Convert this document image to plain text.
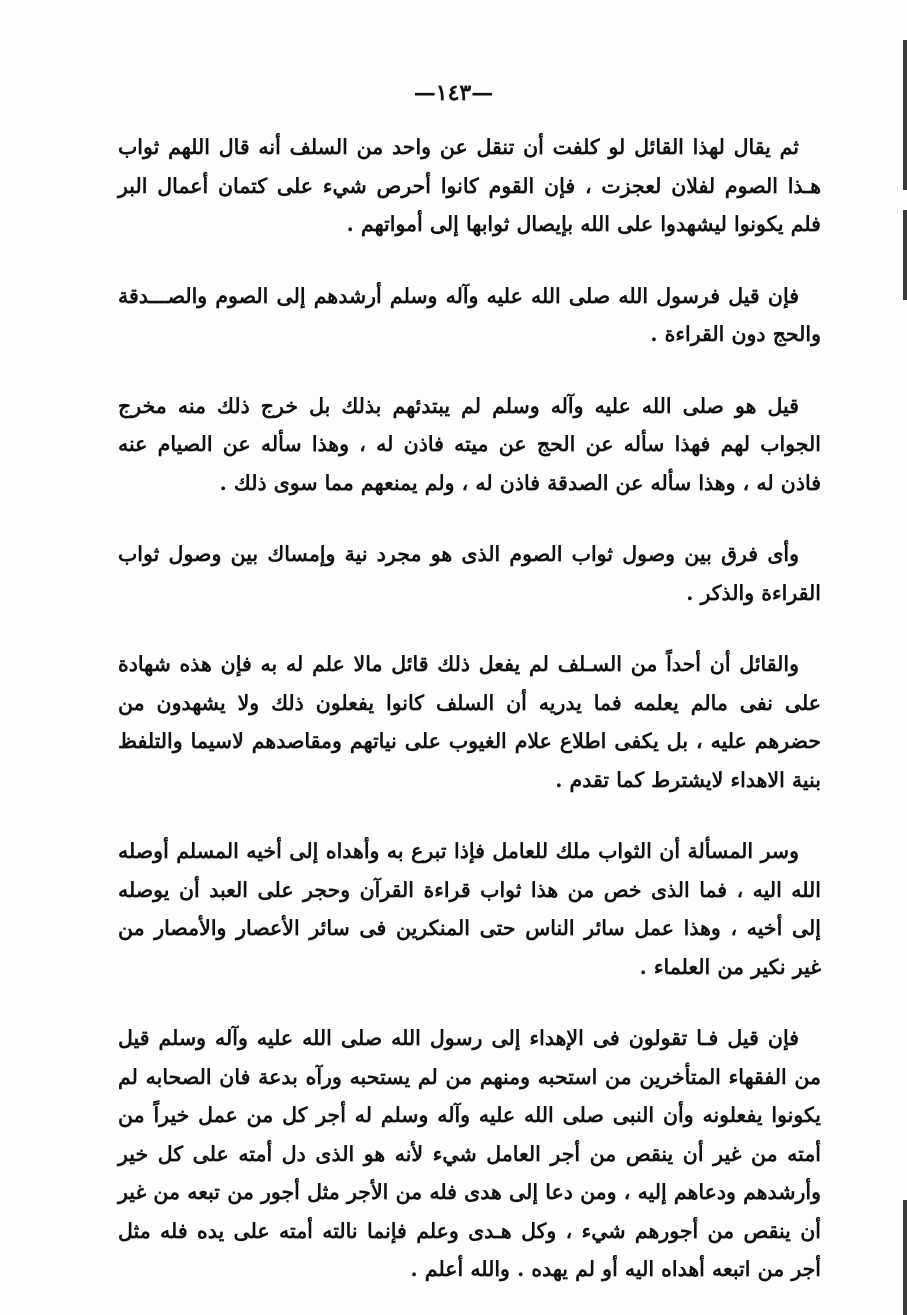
—١٤٣—

ثم يقال لهذا القائل لو كلفت أن تنقل عن واحد من السلف أنه قال اللهم ثواب هـذا الصوم لفلان لعجزت ، فإن القوم كانوا أحرص شيء على كتمان أعمال البر فلم يكونوا ليشهدوا على الله بإيصال ثوابها إلى أمواتهم .

فإن قيل فرسول الله صلى الله عليه وآله وسلم أرشدهم إلى الصوم والصـــدقة والحج دون القراءة .

قيل هو صلى الله عليه وآله وسلم لم يبتدئهم بذلك بل خرج ذلك منه مخرج الجواب لهم فهذا سأله عن الحج عن ميته فاذن له ، وهذا سأله عن الصيام عنه فاذن له ، وهذا سأله عن الصدقة فاذن له ، ولم يمنعهم مما سوى ذلك .

وأى فرق بين وصول ثواب الصوم الذى هو مجرد نية وإمساك بين وصول ثواب القراءة والذكر .

والقائل أن أحداً من السـلف لم يفعل ذلك قائل مالا علم له به فإن هذه شهادة على نفى مالم يعلمه فما يدريه أن السلف كانوا يفعلون ذلك ولا يشهدون من حضرهم عليه ، بل يكفى اطلاع علام الغيوب على نياتهم ومقاصدهم لاسيما والتلفظ بنية الاهداء لايشترط كما تقدم .

وسر المسألة أن الثواب ملك للعامل فإذا تبرع به وأهداه إلى أخيه المسلم أوصله الله اليه ، فما الذى خص من هذا ثواب قراءة القرآن وحجر على العبد أن يوصله إلى أخيه ، وهذا عمل سائر الناس حتى المنكرين فى سائر الأعصار والأمصار من غير نكير من العلماء .

فإن قيل فـا تقولون فى الإهداء إلى رسول الله صلى الله عليه وآله وسلم قيل من الفقهاء المتأخرين من استحبه ومنهم من لم يستحبه ورآه بدعة فان الصحابه لم يكونوا يفعلونه وأن النبى صلى الله عليه وآله وسلم له أجر كل من عمل خيراً من أمته من غير أن ينقص من أجر العامل شيء لأنه هو الذى دل أمته على كل خير وأرشدهم ودعاهم إليه ، ومن دعا إلى هدى فله من الأجر مثل أجور من تبعه من غير أن ينقص من أجورهم شيء ، وكل هـدى وعلم فإنما نالته أمته على يده فله مثل أجر من اتبعه أهداه اليه أو لم يهده . والله أعلم .
